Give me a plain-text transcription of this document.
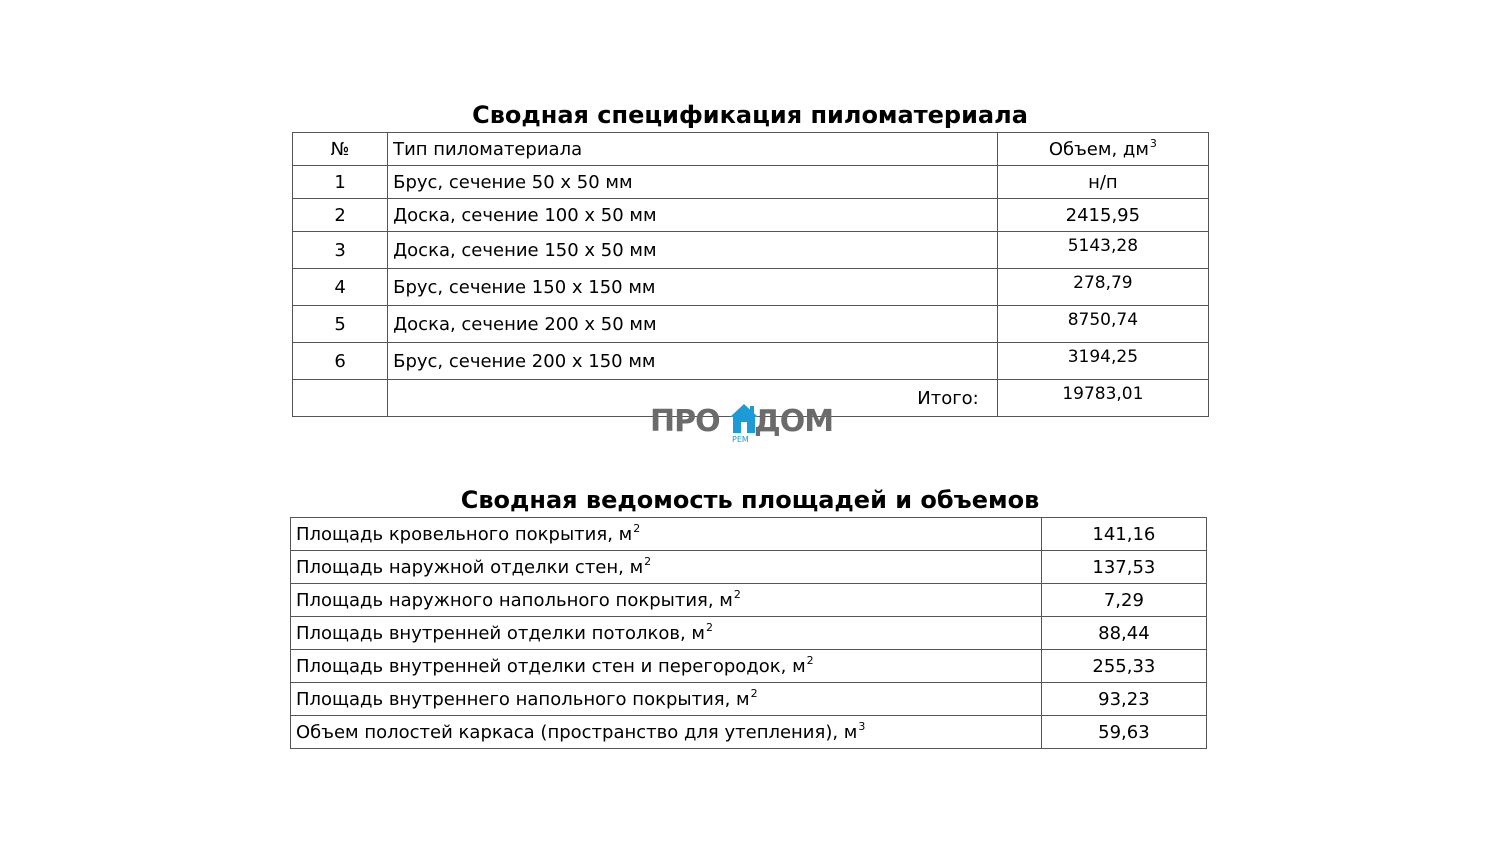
Сводная спецификация пиломатериала
№	Тип пиломатериала	Объем, $дм^3$
1	Брус, сечение 50 x 50 мм	н/п
2	Доска, сечение 100 x 50 мм	2415,95
3	Доска, сечение 150 x 50 мм	5143,28
4	Брус, сечение 150 x 150 мм	278,79
5	Доска, сечение 200 x 50 мм	8750,74
6	Брус, сечение 200 x 150 мм	3194,25
	Итого:	19783,01
ПРО
РЕМ
ДОМ
Сводная ведомость площадей и объемов
Площадь кровельного покрытия, $м^2$	141,16
Площадь наружной отделки стен, $м^2$	137,53
Площадь наружного напольного покрытия, $м^2$	7,29
Площадь внутренней отделки потолков, $м^2$	88,44
Площадь внутренней отделки стен и перегородок, $м^2$	255,33
Площадь внутреннего напольного покрытия, $м^2$	93,23
Объем полостей каркаса (пространство для утепления), $м^3$	59,63
